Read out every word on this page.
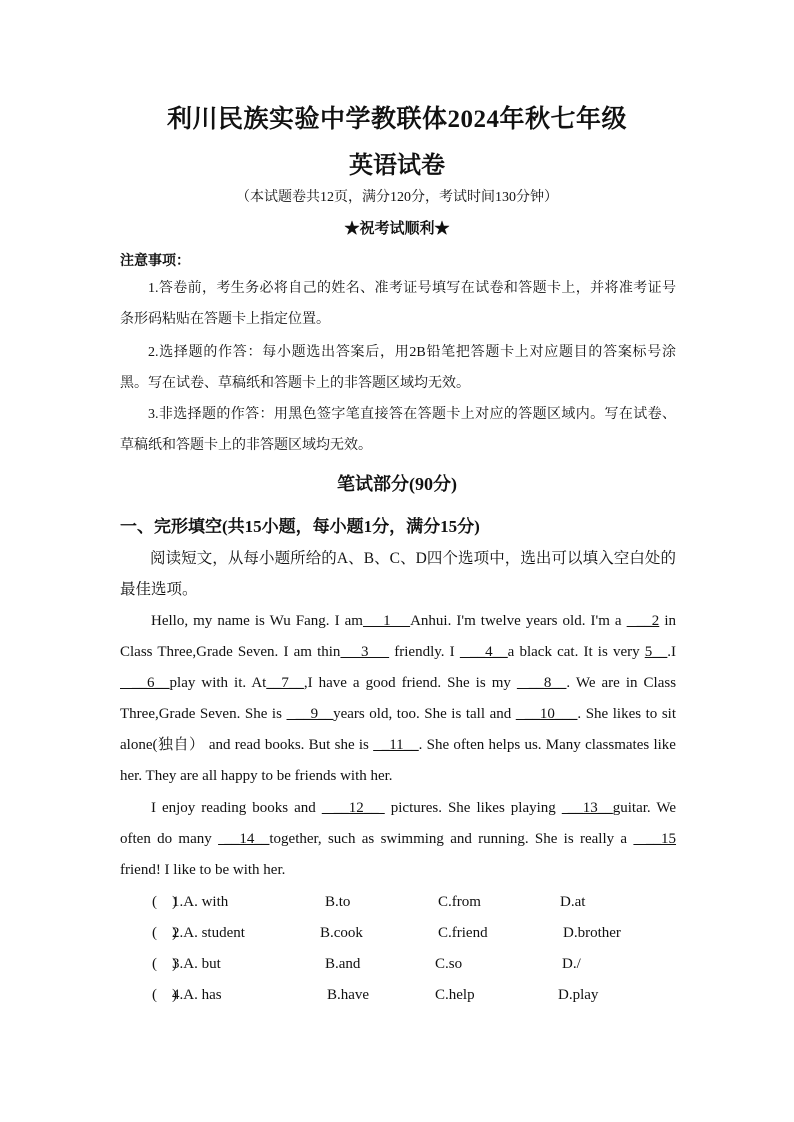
利川民族实验中学教联体2024年秋七年级
英语试卷
（本试题卷共12页，满分120分，考试时间130分钟）
★祝考试顺利★
注意事项：
1.答卷前，考生务必将自己的姓名、准考证号填写在试卷和答题卡上，并将准考证号条形码粘贴在答题卡上指定位置。
2.选择题的作答：每小题选出答案后，用2B铅笔把答题卡上对应题目的答案标号涂黑。写在试卷、草稿纸和答题卡上的非答题区域均无效。
3.非选择题的作答：用黑色签字笔直接答在答题卡上对应的答题区域内。写在试卷、草稿纸和答题卡上的非答题区域均无效。
笔试部分(90分)
一、完形填空(共15小题，每小题1分，满分15分)
阅读短文，从每小题所给的A、B、C、D四个选项中，选出可以填入空白处的最佳选项。

Hello, my name is Wu Fang. I am    1    Anhui. I'm twelve years old. I'm a   __2 in Class Three,Grade Seven. I am thin    3     friendly. I   __4__a black cat. It is very 5__.I   __6__play with it. At__7__,I have a good friend. She is my   __8__. We are in Class Three,Grade Seven. She is   __9__years old, too. She is tall and   __10___. She likes to sit alone(独自） and read books. But she is   _11__. She often helps us. Many classmates like her. They are all happy to be friends with her.

I enjoy reading books and   __12__  pictures. She likes playing  __13__guitar. We often do many  __14__together, such as swimming and running. She is really a   __15 friend! I like to be with her.

(    )
1.A. with	B.to	C.from	D.at
(    )
2.A. student	B.cook	C.friend	D.brother
(    )
3.A. but	B.and	C.so	D./
(    )
4.A. has	B.have	C.help	D.play
